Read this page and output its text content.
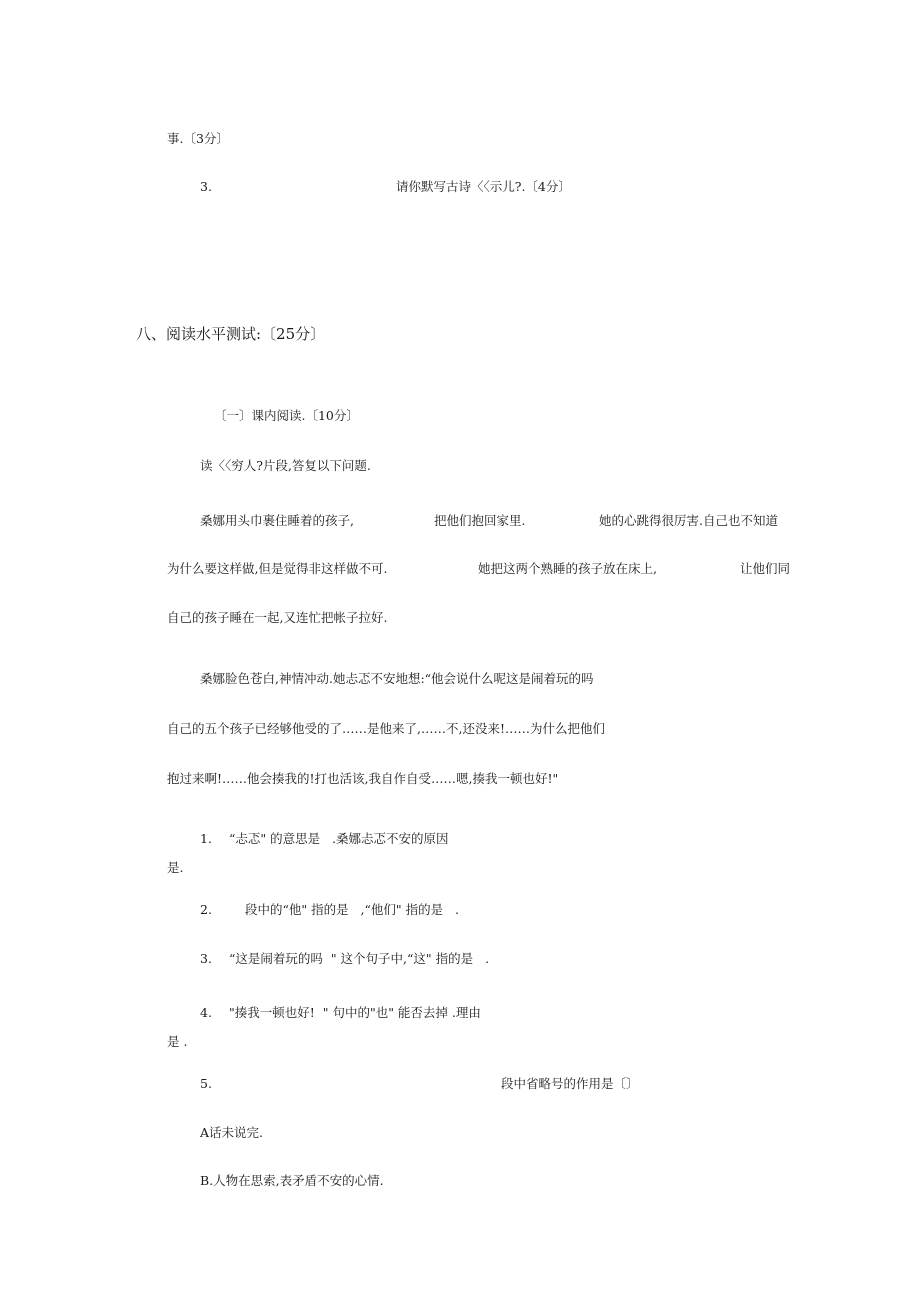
事.〔3分〕
3.	请你默写古诗〈〈示儿?.〔4分〕
八、阅读水平测试:〔25分〕
〔一〕课内阅读.〔10分〕
读〈〈穷人?片段,答复以下问题.
桑娜用头巾裹住睡着的孩子,	把他们抱回家里.	她的心跳得很厉害.自己也不知道
为什么要这样做,但是觉得非这样做不可.	她把这两个熟睡的孩子放在床上,	让他们同
自己的孩子睡在一起,又连忙把帐子拉好.
桑娜脸色苍白,神情冲动.她忐忑不安地想:“他会说什么呢这是闹着玩的吗
自己的五个孩子已经够他受的了……是他来了,……不,还没来!……为什么把他们
抱过来啊!……他会揍我的!打也活该,我自作自受……嗯,揍我一顿也好!"
1. “忐忑" 的意思是   .桑娜忐忑不安的原因
是.
2.	段中的“他" 指的是   ,“他们" 指的是   .
3. “这是闹着玩的吗  " 这个句子中,“这" 指的是   .
4. "揍我一顿也好!  " 句中的"也" 能否去掉 .理由
是 .
5.	段中省略号的作用是〔〕
A话未说完.
B.人物在思索,表矛盾不安的心情.
